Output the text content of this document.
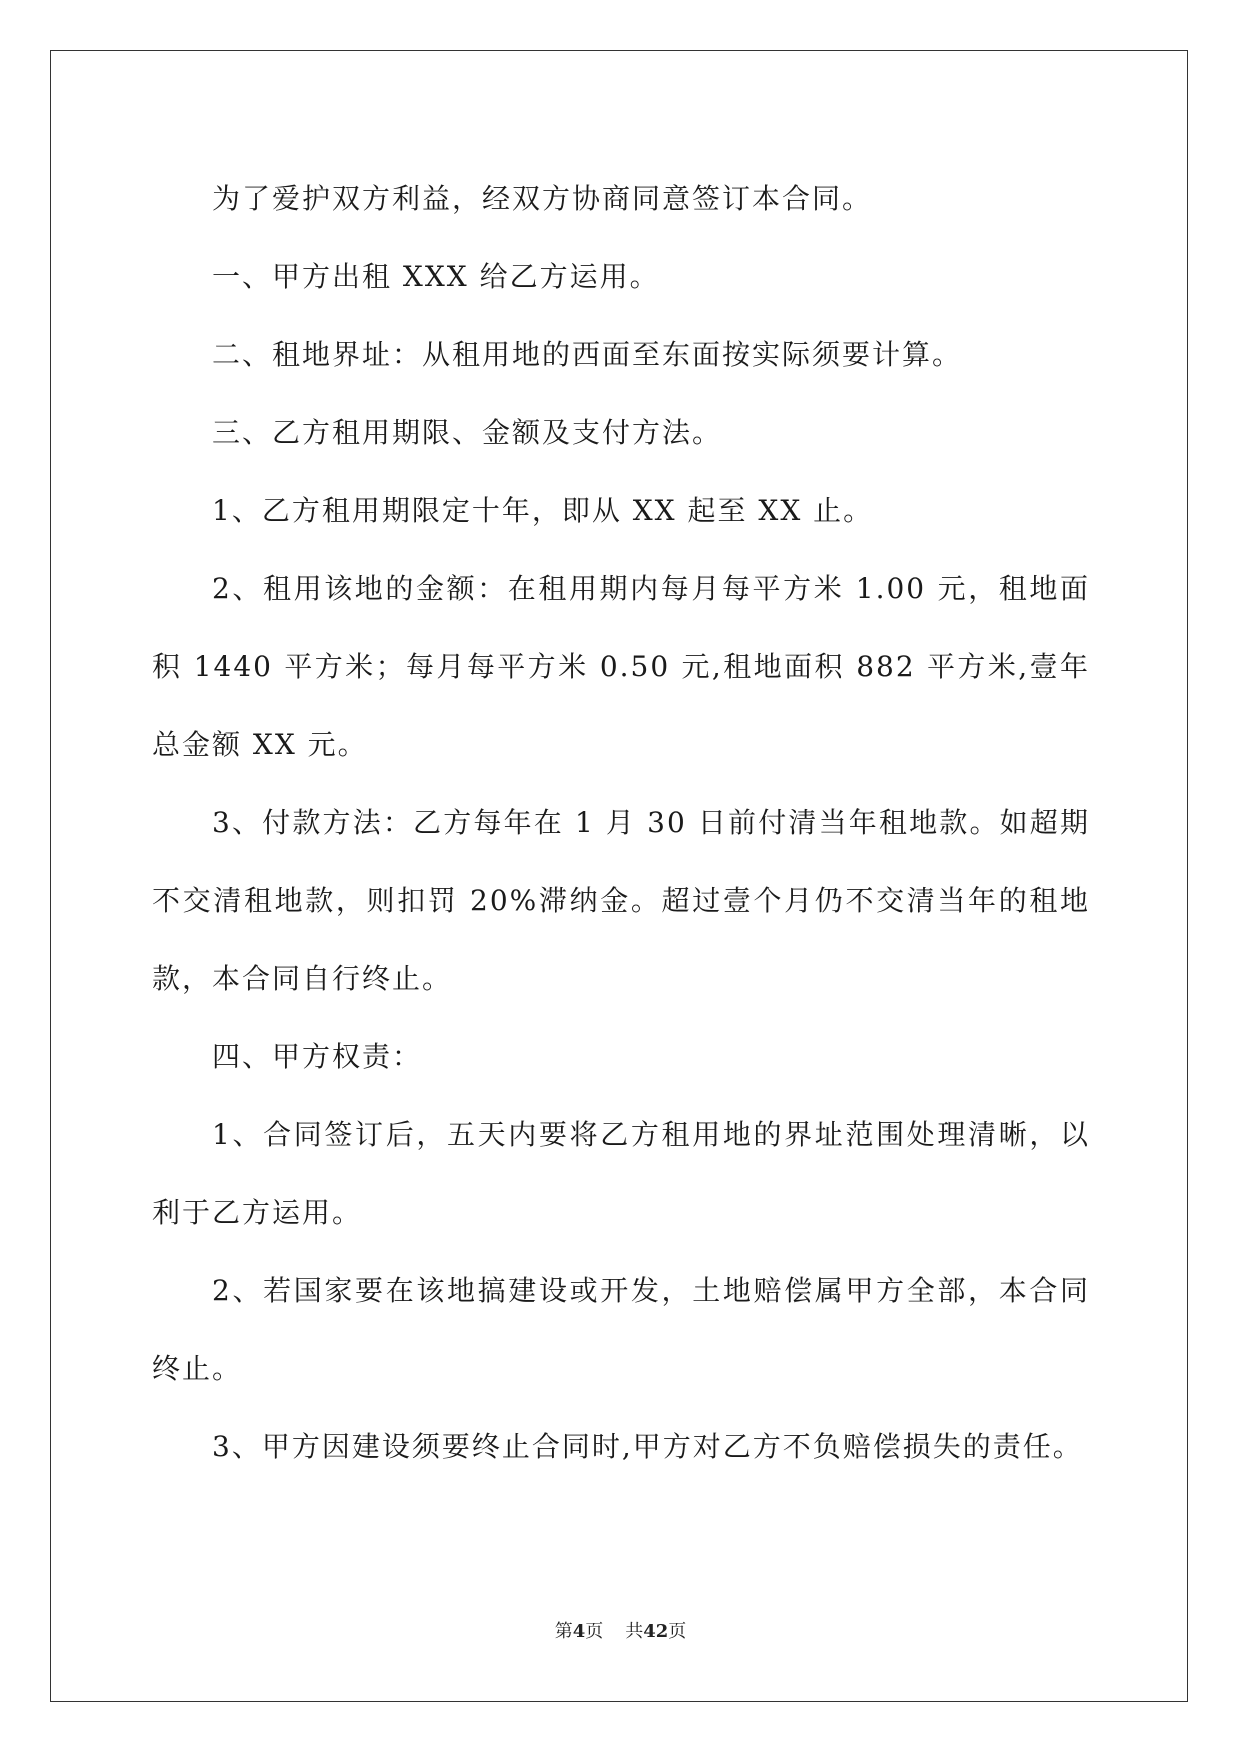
为了爱护双方利益，经双方协商同意签订本合同。

一、甲方出租 XXX 给乙方运用。

二、租地界址：从租用地的西面至东面按实际须要计算。

三、乙方租用期限、金额及支付方法。

1、乙方租用期限定十年，即从 XX 起至 XX 止。

2、租用该地的金额：在租用期内每月每平方米 1.00 元，租地面积 1440 平方米；每月每平方米 0.50 元,租地面积 882 平方米,壹年总金额 XX 元。

3、付款方法：乙方每年在 1 月 30 日前付清当年租地款。如超期不交清租地款，则扣罚 20%滞纳金。超过壹个月仍不交清当年的租地款，本合同自行终止。

四、甲方权责：

1、合同签订后，五天内要将乙方租用地的界址范围处理清晰，以利于乙方运用。

2、若国家要在该地搞建设或开发，土地赔偿属甲方全部，本合同终止。

3、甲方因建设须要终止合同时,甲方对乙方不负赔偿损失的责任。

第4页 共42页
